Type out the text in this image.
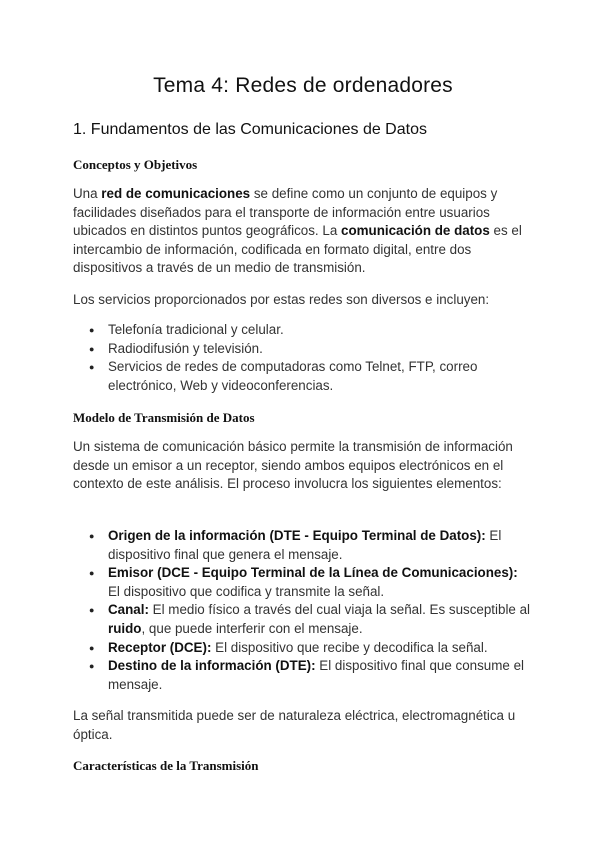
Tema 4: Redes de ordenadores
1. Fundamentos de las Comunicaciones de Datos
Conceptos y Objetivos

Una red de comunicaciones se define como un conjunto de equipos y facilidades diseñados para el transporte de información entre usuarios ubicados en distintos puntos geográficos. La comunicación de datos es el intercambio de información, codificada en formato digital, entre dos dispositivos a través de un medio de transmisión.

Los servicios proporcionados por estas redes son diversos e incluyen:

● Telefonía tradicional y celular.
● Radiodifusión y televisión.
● Servicios de redes de computadoras como Telnet, FTP, correo electrónico, Web y videoconferencias.
Modelo de Transmisión de Datos

Un sistema de comunicación básico permite la transmisión de información desde un emisor a un receptor, siendo ambos equipos electrónicos en el contexto de este análisis. El proceso involucra los siguientes elementos:

● Origen de la información (DTE - Equipo Terminal de Datos): El dispositivo final que genera el mensaje.
● Emisor (DCE - Equipo Terminal de la Línea de Comunicaciones): El dispositivo que codifica y transmite la señal.
● Canal: El medio físico a través del cual viaja la señal. Es susceptible al ruido, que puede interferir con el mensaje.
● Receptor (DCE): El dispositivo que recibe y decodifica la señal.
● Destino de la información (DTE): El dispositivo final que consume el mensaje.

La señal transmitida puede ser de naturaleza eléctrica, electromagnética u óptica.

Características de la Transmisión
